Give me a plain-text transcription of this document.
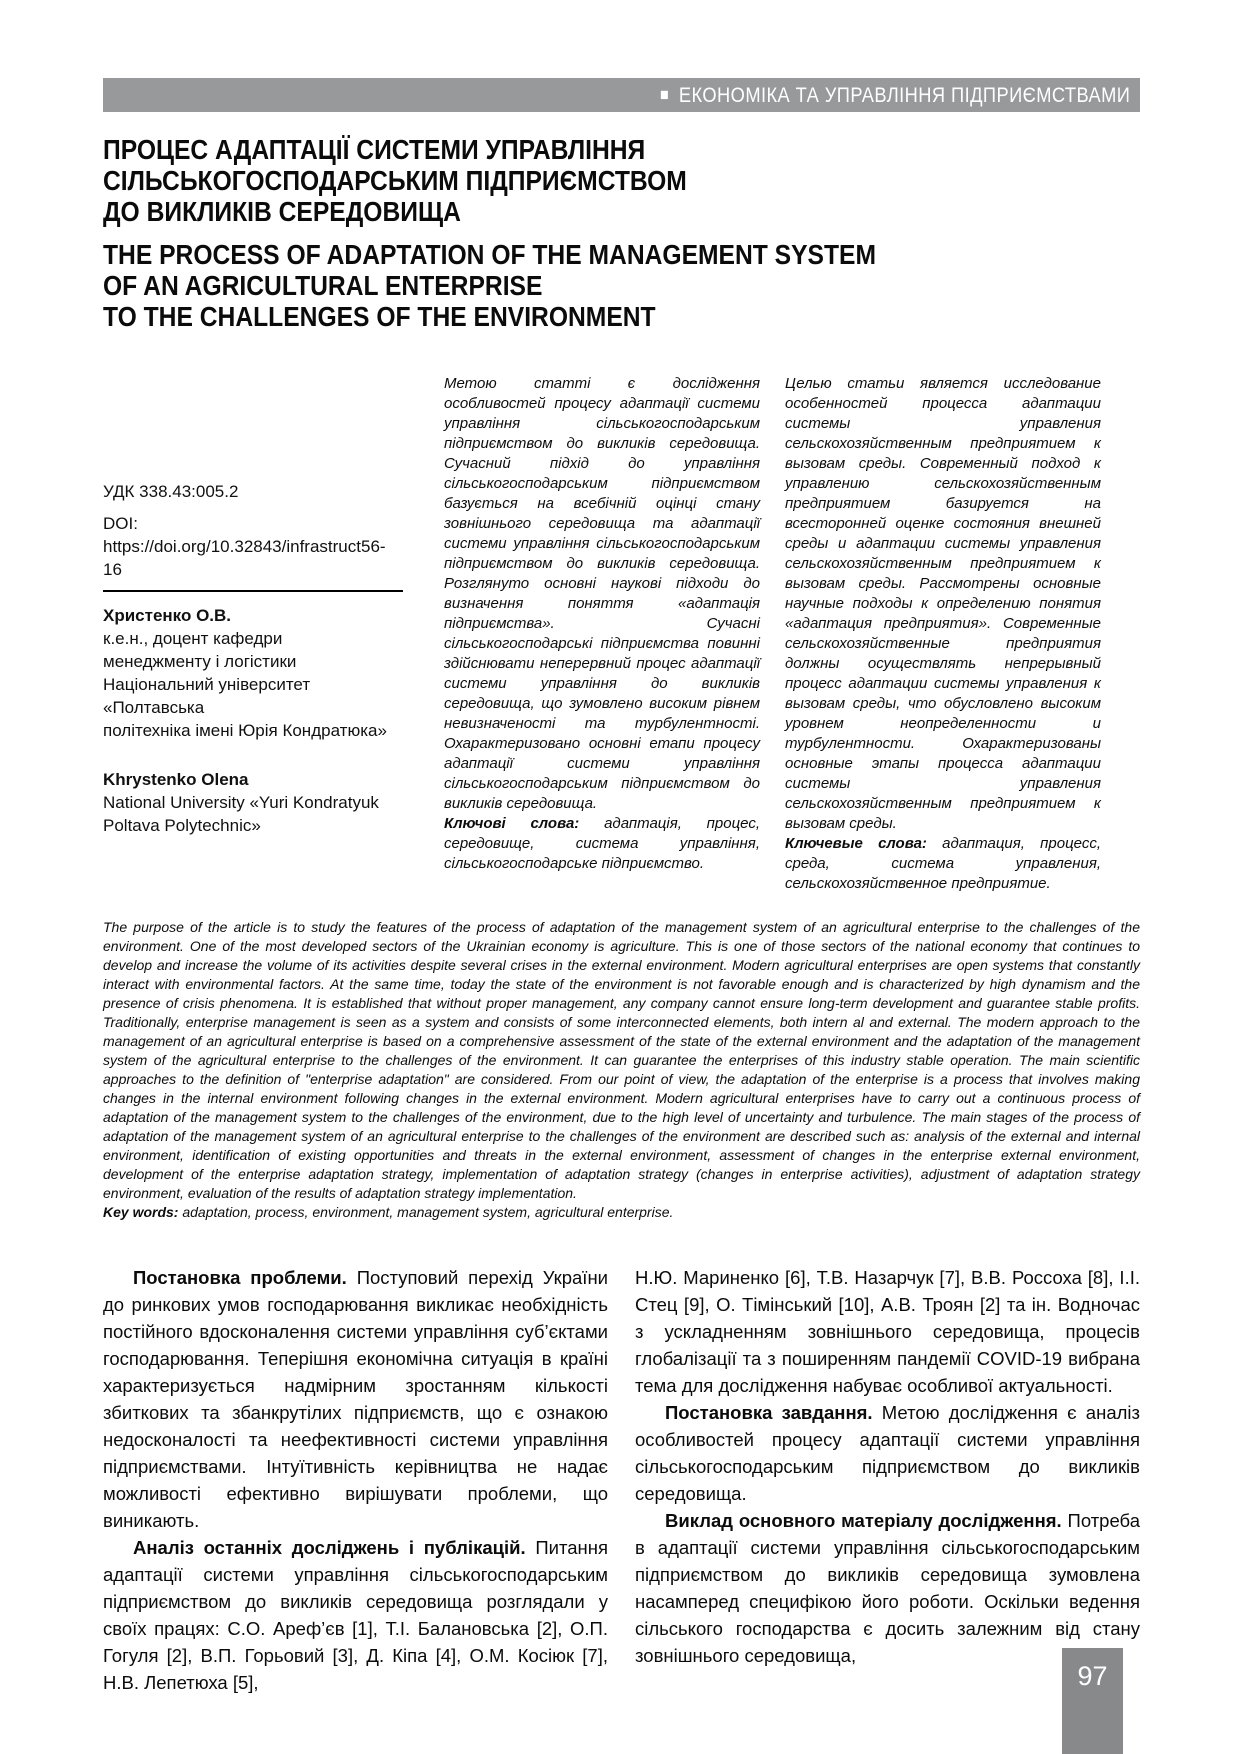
■ ЕКОНОМІКА ТА УПРАВЛІННЯ ПІДПРИЄМСТВАМИ
ПРОЦЕС АДАПТАЦІЇ СИСТЕМИ УПРАВЛІННЯ
СІЛЬСЬКОГОСПОДАРСЬКИМ ПІДПРИЄМСТВОМ
ДО ВИКЛИКІВ СЕРЕДОВИЩА
THE PROCESS OF ADAPTATION OF THE MANAGEMENT SYSTEM
OF AN AGRICULTURAL ENTERPRISE
TO THE CHALLENGES OF THE ENVIRONMENT
УДК 338.43:005.2
DOI: https://doi.org/10.32843/infrastruct56-16
Христенко О.В.
к.е.н., доцент кафедри
менеджменту і логістики
Національний університет «Полтавська
політехніка імені Юрія Кондратюка»
Khrystenko Olena
National University «Yuri Kondratyuk
Poltava Polytechnic»
Метою статті є дослідження особливостей процесу адаптації системи управління сільськогосподарським підприємством до викликів середовища. Сучасний підхід до управління сільськогосподарським підприємством базується на всебічній оцінці стану зовнішнього середовища та адаптації системи управління сільськогосподарським підприємством до викликів середовища. Розглянуто основні наукові підходи до визначення поняття «адаптація підприємства». Сучасні сільськогосподарські підприємства повинні здійснювати неперервний процес адаптації системи управління до викликів середовища, що зумовлено високим рівнем невизначеності та турбулентності. Охарактеризовано основні етапи процесу адаптації системи управління сільськогосподарським підприємством до викликів середовища.
Ключові слова: адаптація, процес, середовище, система управління, сільськогосподарське підприємство.
Целью статьи является исследование особенностей процесса адаптации системы управления сельскохозяйственным предприятием к вызовам среды. Современный подход к управлению сельскохозяйственным предприятием базируется на всесторонней оценке состояния внешней среды и адаптации системы управления сельскохозяйственным предприятием к вызовам среды. Рассмотрены основные научные подходы к определению понятия «адаптация предприятия». Современные сельскохозяйственные предприятия должны осуществлять непрерывный процесс адаптации системы управления к вызовам среды, что обусловлено высоким уровнем неопределенности и турбулентности. Охарактеризованы основные этапы процесса адаптации системы управления сельскохозяйственным предприятием к вызовам среды.
Ключевые слова: адаптация, процесс, среда, система управления, сельскохозяйственное предприятие.
The purpose of the article is to study the features of the process of adaptation of the management system of an agricultural enterprise to the challenges of the environment. One of the most developed sectors of the Ukrainian economy is agriculture. This is one of those sectors of the national economy that continues to develop and increase the volume of its activities despite several crises in the external environment. Modern agricultural enterprises are open systems that constantly interact with environmental factors. At the same time, today the state of the environment is not favorable enough and is characterized by high dynamism and the presence of crisis phenomena. It is established that without proper management, any company cannot ensure long-term development and guarantee stable profits. Traditionally, enterprise management is seen as a system and consists of some interconnected elements, both intern al and external. The modern approach to the management of an agricultural enterprise is based on a comprehensive assessment of the state of the external environment and the adaptation of the management system of the agricultural enterprise to the challenges of the environment. It can guarantee the enterprises of this industry stable operation. The main scientific approaches to the definition of "enterprise adaptation" are considered. From our point of view, the adaptation of the enterprise is a process that involves making changes in the internal environment following changes in the external environment. Modern agricultural enterprises have to carry out a continuous process of adaptation of the management system to the challenges of the environment, due to the high level of uncertainty and turbulence. The main stages of the process of adaptation of the management system of an agricultural enterprise to the challenges of the environment are described such as: analysis of the external and internal environment, identification of existing opportunities and threats in the external environment, assessment of changes in the enterprise external environment, development of the enterprise adaptation strategy, implementation of adaptation strategy (changes in enterprise activities), adjustment of adaptation strategy environment, evaluation of the results of adaptation strategy implementation.
Key words: adaptation, process, environment, management system, agricultural enterprise.

Постановка проблеми. Поступовий перехід України до ринкових умов господарювання викликає необхідність постійного вдосконалення системи управління суб’єктами господарювання. Теперішня економічна ситуація в країні характеризується надмірним зростанням кількості збиткових та збанкрутілих підприємств, що є ознакою недосконалості та неефективності системи управління підприємствами. Інтуїтивність керівництва не надає можливості ефективно вирішувати проблеми, що виникають.

Аналіз останніх досліджень і публікацій. Питання адаптації системи управління сільськогосподарським підприємством до викликів середовища розглядали у своїх працях: С.О. Ареф’єв [1], Т.І. Балановська [2], О.П. Гогуля [2], В.П. Горьовий [3], Д. Кіпа [4], О.М. Косіюк [7], Н.В. Лепетюха [5],

Н.Ю. Мариненко [6], Т.В. Назарчук [7], В.В. Россоха [8], І.І. Стец [9], О. Тімінський [10], А.В. Троян [2] та ін. Водночас з ускладненням зовнішнього середовища, процесів глобалізації та з поширенням пандемії COVID-19 вибрана тема для дослідження набуває особливої актуальності.

Постановка завдання. Метою дослідження є аналіз особливостей процесу адаптації системи управління сільськогосподарським підприємством до викликів середовища.

Виклад основного матеріалу дослідження. Потреба в адаптації системи управління сільськогосподарським підприємством до викликів середовища зумовлена насамперед специфікою його роботи. Оскільки ведення сільського господарства є досить залежним від стану зовнішнього середовища,

97
